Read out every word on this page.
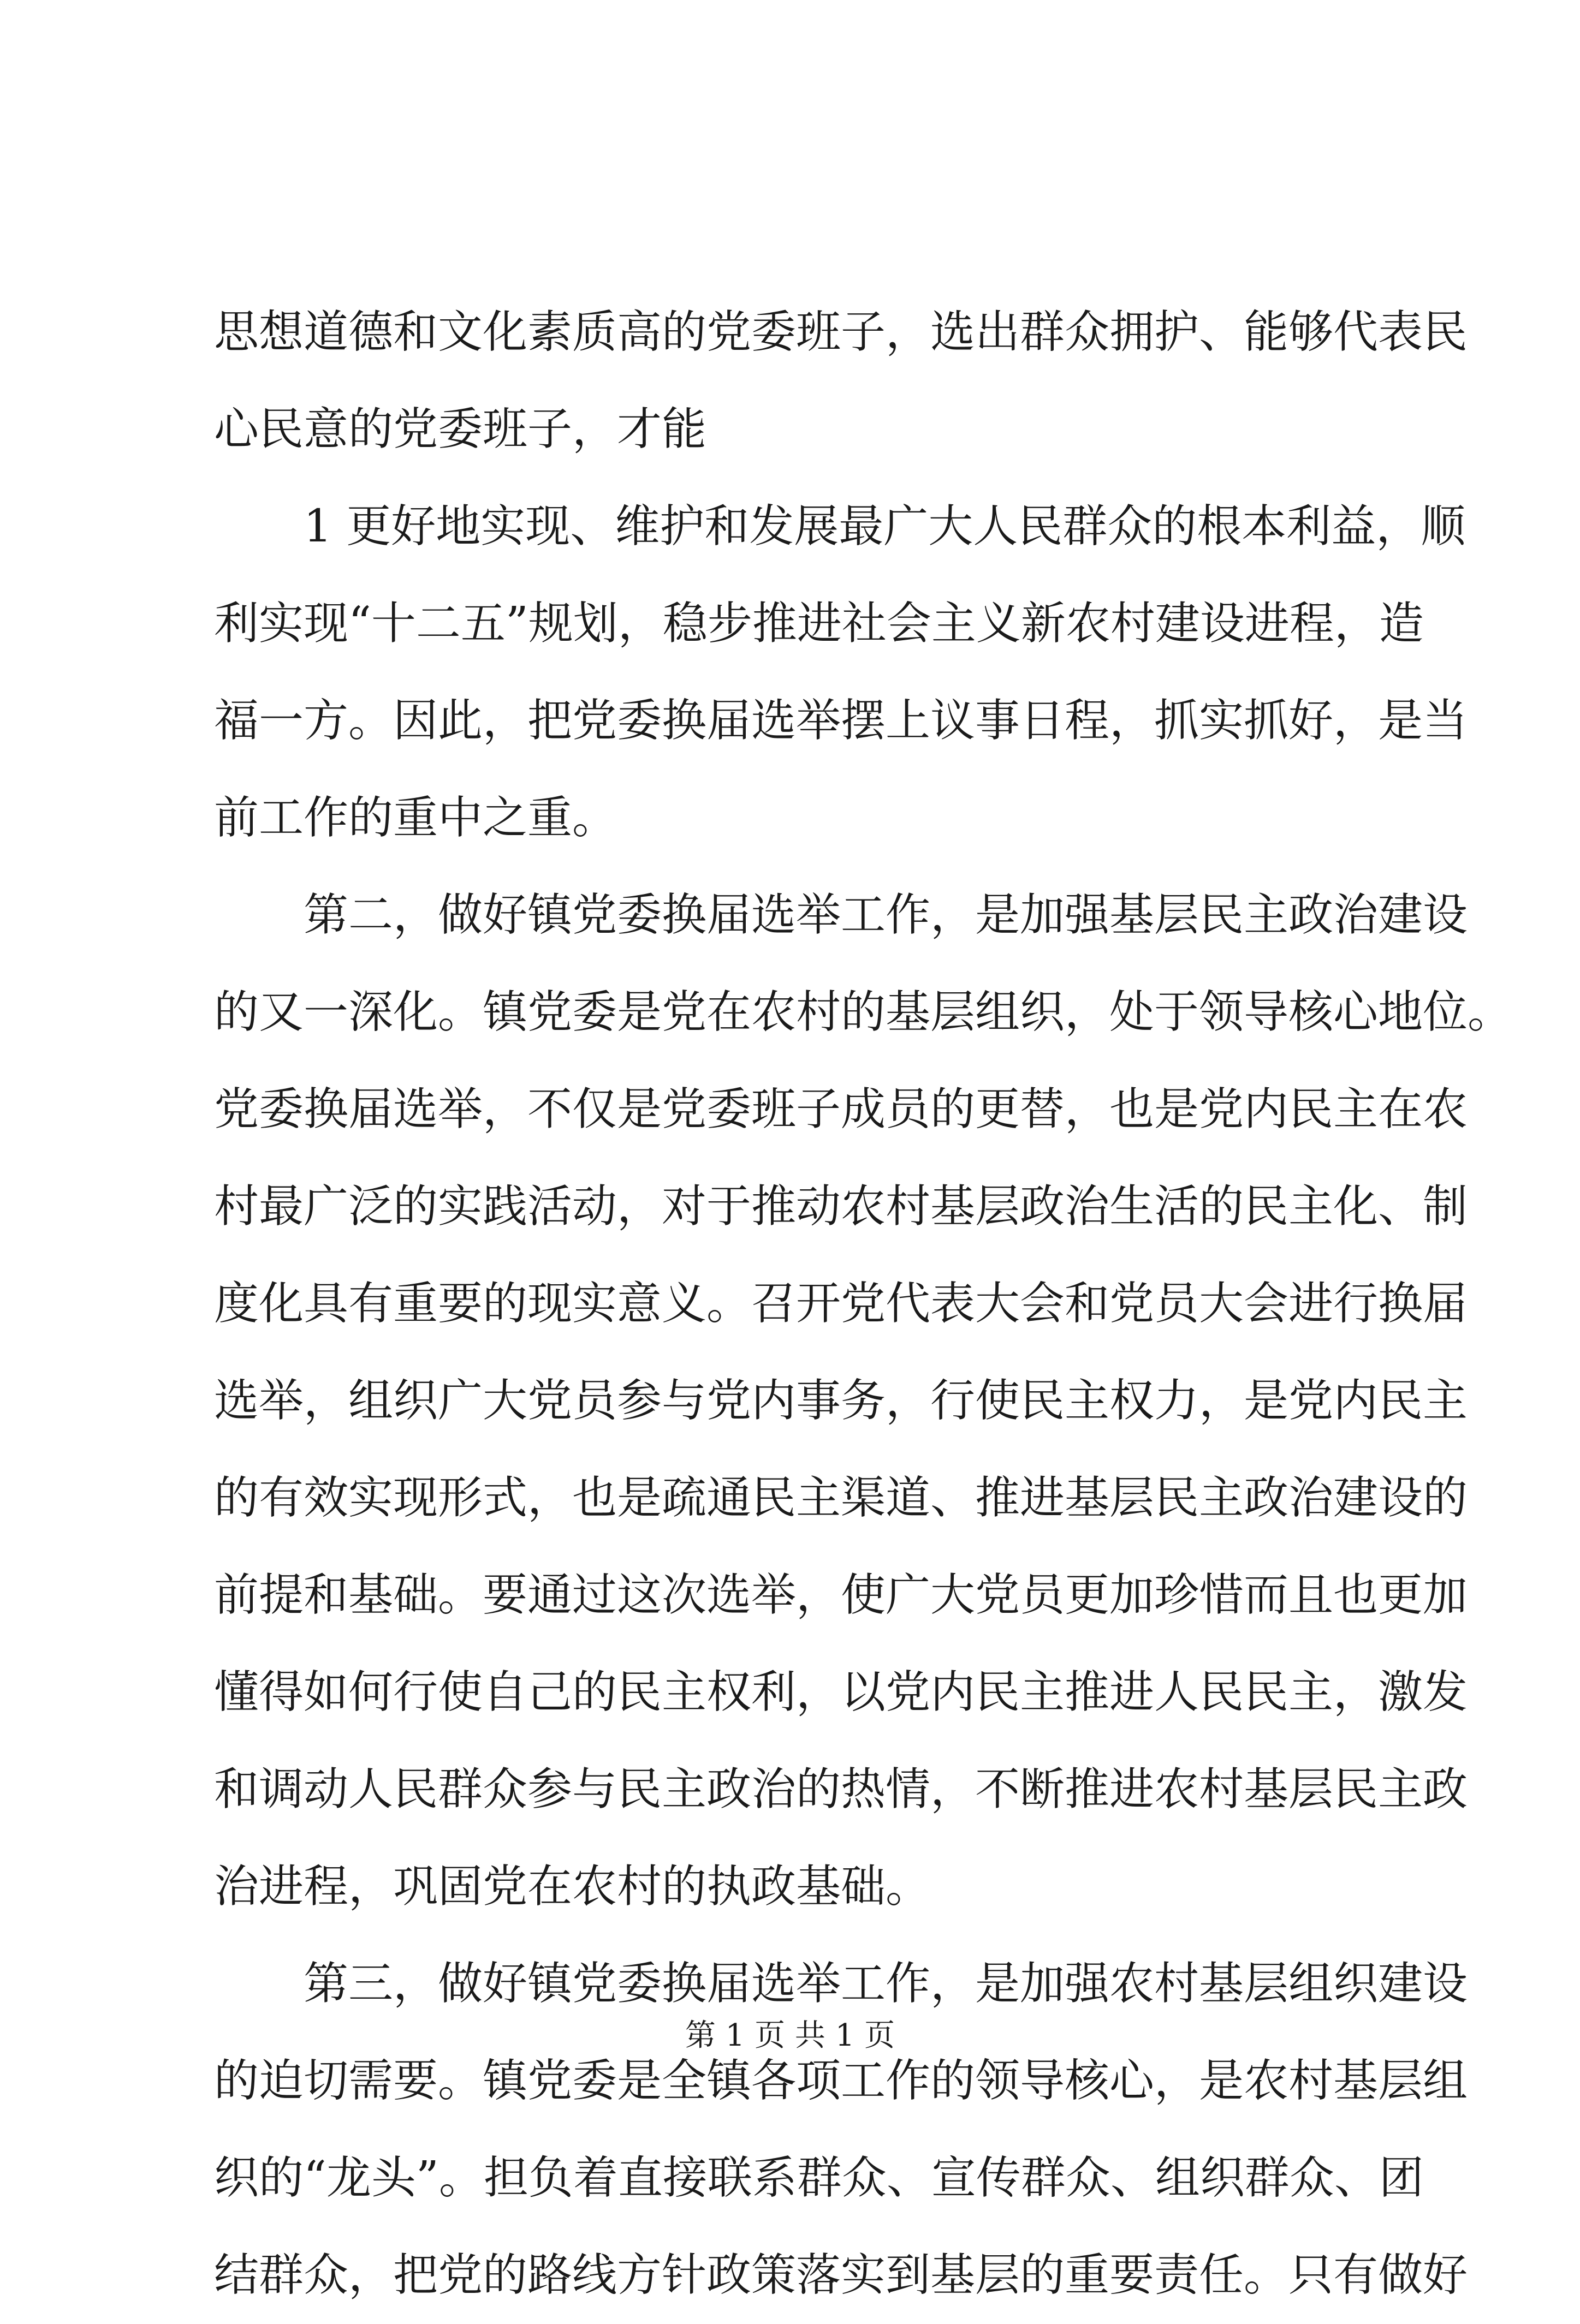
思想道德和文化素质高的党委班子，选出群众拥护、能够代表民
心民意的党委班子，才能
1 更好地实现、维护和发展最广大人民群众的根本利益，顺
利实现“十二五”规划，稳步推进社会主义新农村建设进程，造
福一方。因此，把党委换届选举摆上议事日程，抓实抓好，是当
前工作的重中之重。
第二，做好镇党委换届选举工作，是加强基层民主政治建设
的又一深化。镇党委是党在农村的基层组织，处于领导核心地位。
党委换届选举，不仅是党委班子成员的更替，也是党内民主在农
村最广泛的实践活动，对于推动农村基层政治生活的民主化、制
度化具有重要的现实意义。召开党代表大会和党员大会进行换届
选举，组织广大党员参与党内事务，行使民主权力，是党内民主
的有效实现形式，也是疏通民主渠道、推进基层民主政治建设的
前提和基础。要通过这次选举，使广大党员更加珍惜而且也更加
懂得如何行使自己的民主权利，以党内民主推进人民民主，激发
和调动人民群众参与民主政治的热情，不断推进农村基层民主政
治进程，巩固党在农村的执政基础。
第三，做好镇党委换届选举工作，是加强农村基层组织建设
的迫切需要。镇党委是全镇各项工作的领导核心，是农村基层组
织的“龙头”。担负着直接联系群众、宣传群众、组织群众、团
结群众，把党的路线方针政策落实到基层的重要责任。只有做好
第 1 页 共 1 页
